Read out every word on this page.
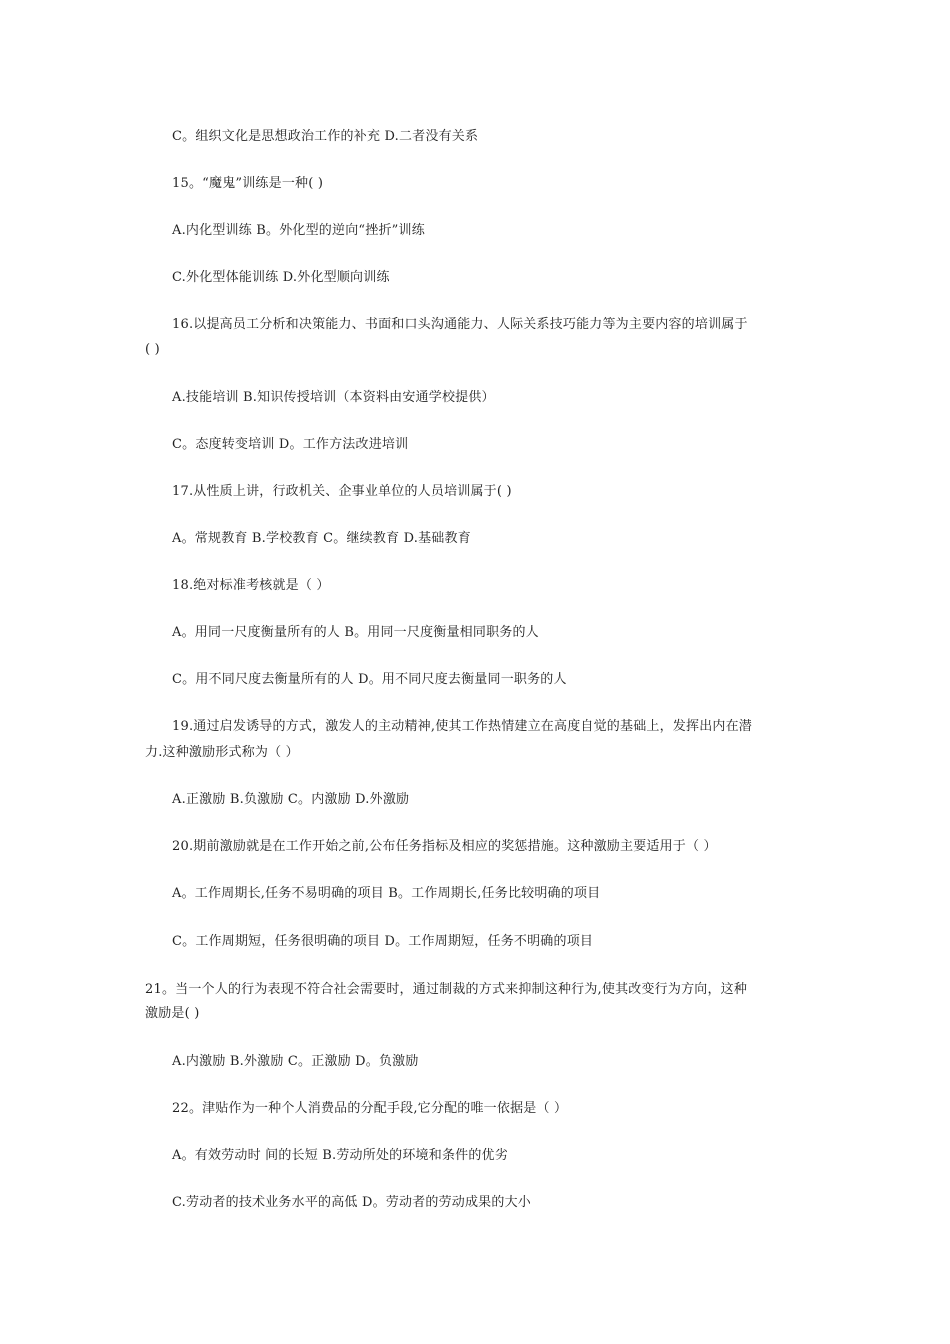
C。组织文化是思想政治工作的补充 D.二者没有关系
15。“魔鬼”训练是一种( )
A.内化型训练 B。外化型的逆向“挫折”训练
C.外化型体能训练 D.外化型顺向训练
16.以提高员工分析和决策能力、书面和口头沟通能力、人际关系技巧能力等为主要内容的培训属于
( )
A.技能培训 B.知识传授培训（本资料由安通学校提供）
C。态度转变培训 D。工作方法改进培训
17.从性质上讲，行政机关、企事业单位的人员培训属于( )
A。常规教育 B.学校教育 C。继续教育 D.基础教育
18.绝对标准考核就是（ ）
A。用同一尺度衡量所有的人 B。用同一尺度衡量相同职务的人
C。用不同尺度去衡量所有的人 D。用不同尺度去衡量同一职务的人
19.通过启发诱导的方式，激发人的主动精神,使其工作热情建立在高度自觉的基础上，发挥出内在潜
力.这种激励形式称为（ ）
A.正激励 B.负激励 C。内激励 D.外激励
20.期前激励就是在工作开始之前,公布任务指标及相应的奖惩措施。这种激励主要适用于（ ）
A。工作周期长,任务不易明确的项目 B。工作周期长,任务比较明确的项目
C。工作周期短，任务很明确的项目 D。工作周期短，任务不明确的项目
21。当一个人的行为表现不符合社会需要时，通过制裁的方式来抑制这种行为,使其改变行为方向，这种
激励是( )
A.内激励 B.外激励 C。正激励 D。负激励
22。津贴作为一种个人消费品的分配手段,它分配的唯一依据是（ ）
A。有效劳动时 间的长短 B.劳动所处的环境和条件的优劣
C.劳动者的技术业务水平的高低 D。劳动者的劳动成果的大小
